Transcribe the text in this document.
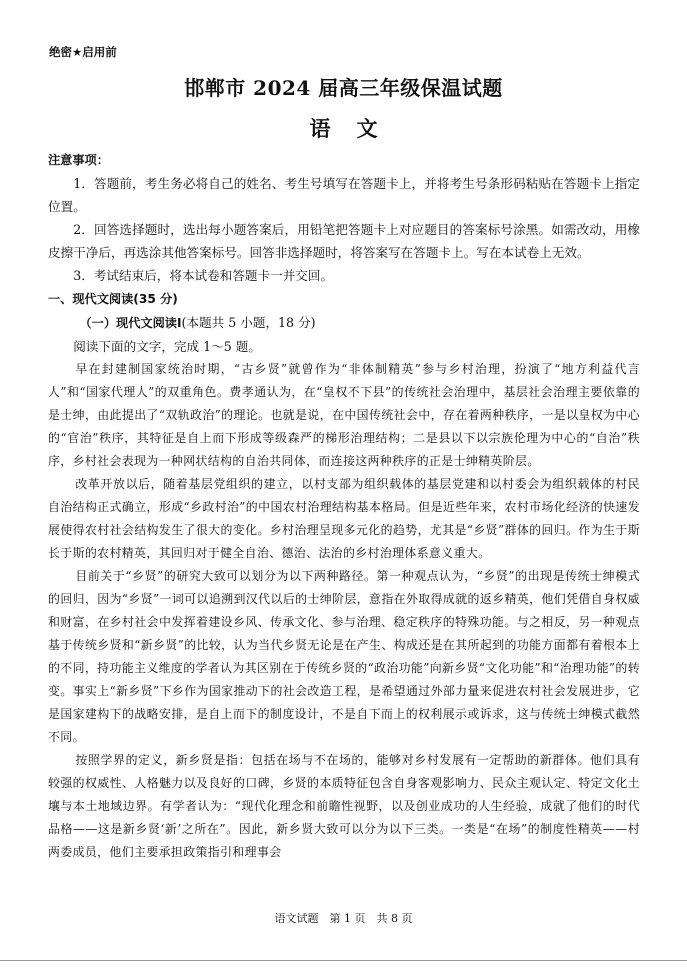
绝密★启用前
邯郸市 2024 届高三年级保温试题
语文
注意事项：

1．答题前，考生务必将自己的姓名、考生号填写在答题卡上，并将考生号条形码粘贴在答题卡上指定位置。

2．回答选择题时，选出每小题答案后，用铅笔把答题卡上对应题目的答案标号涂黑。如需改动，用橡皮擦干净后，再选涂其他答案标号。回答非选择题时，将答案写在答题卡上。写在本试卷上无效。

3．考试结束后，将本试卷和答题卡一并交回。

一、现代文阅读(35 分)
（一）现代文阅读Ⅰ(本题共 5 小题，18 分)

阅读下面的文字，完成 1～5 题。

早在封建制国家统治时期，“古乡贤”就曾作为“非体制精英”参与乡村治理，扮演了“地方利益代言人”和“国家代理人”的双重角色。费孝通认为，在“皇权不下县”的传统社会治理中，基层社会治理主要依靠的是士绅，由此提出了“双轨政治”的理论。也就是说，在中国传统社会中，存在着两种秩序，一是以皇权为中心的“官治”秩序，其特征是自上而下形成等级森严的梯形治理结构；二是县以下以宗族伦理为中心的“自治”秩序，乡村社会表现为一种网状结构的自治共同体，而连接这两种秩序的正是士绅精英阶层。

改革开放以后，随着基层党组织的建立，以村支部为组织载体的基层党建和以村委会为组织载体的村民自治结构正式确立，形成“乡政村治”的中国农村治理结构基本格局。但是近些年来，农村市场化经济的快速发展使得农村社会结构发生了很大的变化。乡村治理呈现多元化的趋势，尤其是“乡贤”群体的回归。作为生于斯长于斯的农村精英，其回归对于健全自治、德治、法治的乡村治理体系意义重大。

目前关于“乡贤”的研究大致可以划分为以下两种路径。第一种观点认为，“乡贤”的出现是传统士绅模式的回归，因为“乡贤”一词可以追溯到汉代以后的士绅阶层，意指在外取得成就的返乡精英，他们凭借自身权威和财富，在乡村社会中发挥着建设乡风、传承文化、参与治理、稳定秩序的特殊功能。与之相反，另一种观点基于传统乡贤和“新乡贤”的比较，认为当代乡贤无论是在产生、构成还是在其所起到的功能方面都有着根本上的不同，持功能主义维度的学者认为其区别在于传统乡贤的“政治功能”向新乡贤“文化功能”和“治理功能”的转变。事实上“新乡贤”下乡作为国家推动下的社会改造工程，是希望通过外部力量来促进农村社会发展进步，它是国家建构下的战略安排，是自上而下的制度设计，不是自下而上的权利展示或诉求，这与传统士绅模式截然不同。

按照学界的定义，新乡贤是指：包括在场与不在场的，能够对乡村发展有一定帮助的新群体。他们具有较强的权威性、人格魅力以及良好的口碑，乡贤的本质特征包含自身客观影响力、民众主观认定、特定文化土壤与本土地域边界。有学者认为：“现代化理念和前瞻性视野，以及创业成功的人生经验，成就了他们的时代品格——这是新乡贤‘新’之所在”。因此，新乡贤大致可以分为以下三类。一类是“在场”的制度性精英——村两委成员，他们主要承担政策指引和理事会

语文试题　第 1 页　共 8 页
